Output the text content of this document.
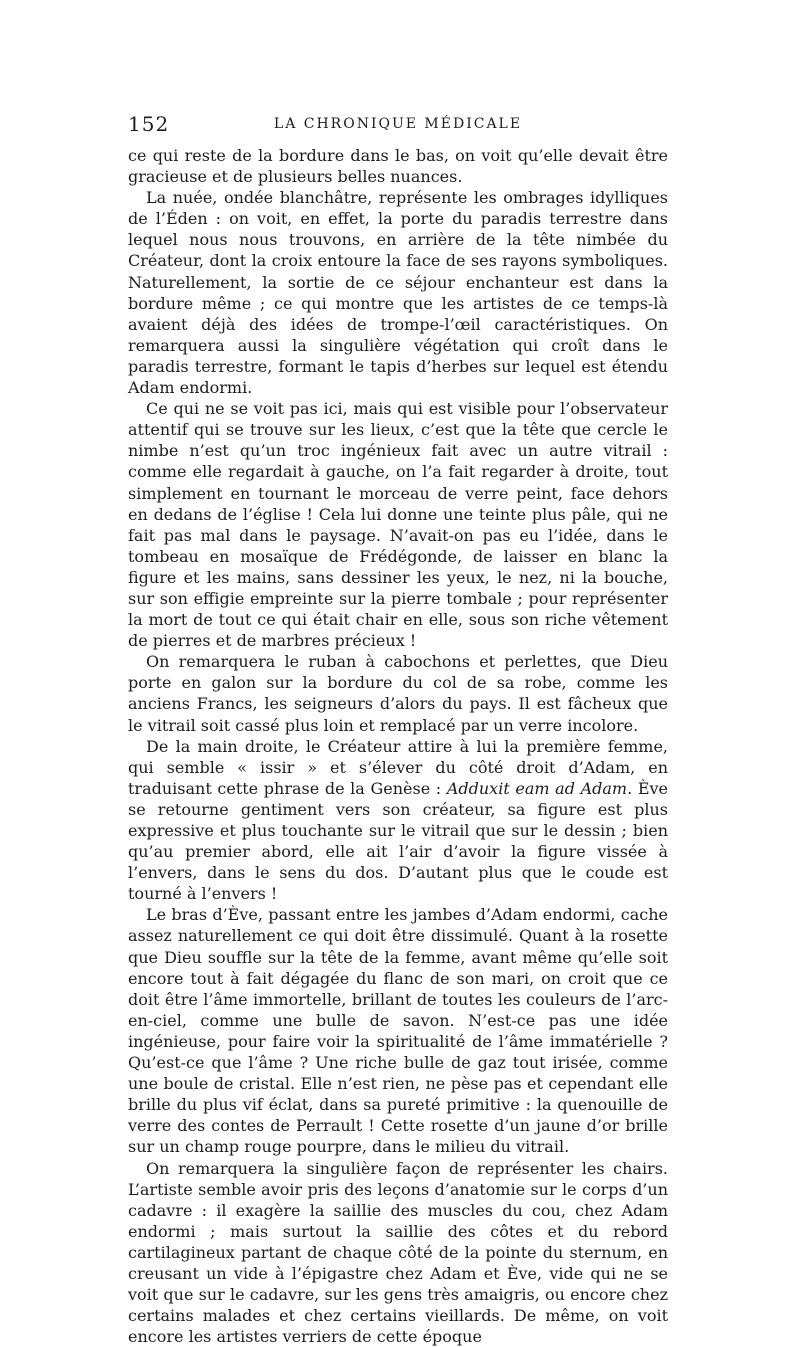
152	LA CHRONIQUE MÉDICALE

ce qui reste de la bordure dans le bas, on voit qu’elle devait être gracieuse et de plusieurs belles nuances.

La nuée, ondée blanchâtre, représente les ombrages idylliques de l’Éden : on voit, en effet, la porte du paradis terrestre dans lequel nous nous trouvons, en arrière de la tête nimbée du Créateur, dont la croix entoure la face de ses rayons symboliques. Naturellement, la sortie de ce séjour enchanteur est dans la bordure même ; ce qui montre que les artistes de ce temps-là avaient déjà des idées de trompe-l’œil caractéristiques. On remarquera aussi la singulière végétation qui croît dans le paradis terrestre, formant le tapis d’herbes sur lequel est étendu Adam endormi.

Ce qui ne se voit pas ici, mais qui est visible pour l’observateur attentif qui se trouve sur les lieux, c’est que la tête que cercle le nimbe n’est qu’un troc ingénieux fait avec un autre vitrail : comme elle regardait à gauche, on l’a fait regarder à droite, tout simplement en tournant le morceau de verre peint, face dehors en dedans de l’église ! Cela lui donne une teinte plus pâle, qui ne fait pas mal dans le paysage. N’avait-on pas eu l’idée, dans le tombeau en mosaïque de Frédégonde, de laisser en blanc la figure et les mains, sans dessiner les yeux, le nez, ni la bouche, sur son effigie empreinte sur la pierre tombale ; pour représenter la mort de tout ce qui était chair en elle, sous son riche vêtement de pierres et de marbres précieux !

On remarquera le ruban à cabochons et perlettes, que Dieu porte en galon sur la bordure du col de sa robe, comme les anciens Francs, les seigneurs d’alors du pays. Il est fâcheux que le vitrail soit cassé plus loin et remplacé par un verre incolore.

De la main droite, le Créateur attire à lui la première femme, qui semble « issir » et s’élever du côté droit d’Adam, en traduisant cette phrase de la Genèse : Adduxit eam ad Adam. Ève se retourne gentiment vers son créateur, sa figure est plus expressive et plus touchante sur le vitrail que sur le dessin ; bien qu’au premier abord, elle ait l’air d’avoir la figure vissée à l’envers, dans le sens du dos. D’autant plus que le coude est tourné à l’envers !

Le bras d’Ève, passant entre les jambes d’Adam endormi, cache assez naturellement ce qui doit être dissimulé. Quant à la rosette que Dieu souffle sur la tête de la femme, avant même qu’elle soit encore tout à fait dégagée du flanc de son mari, on croit que ce doit être l’âme immortelle, brillant de toutes les couleurs de l’arc-en-ciel, comme une bulle de savon. N’est-ce pas une idée ingénieuse, pour faire voir la spiritualité de l’âme immatérielle ? Qu’est-ce que l’âme ? Une riche bulle de gaz tout irisée, comme une boule de cristal. Elle n’est rien, ne pèse pas et cependant elle brille du plus vif éclat, dans sa pureté primitive : la quenouille de verre des contes de Perrault ! Cette rosette d’un jaune d’or brille sur un champ rouge pourpre, dans le milieu du vitrail.

On remarquera la singulière façon de représenter les chairs. L’artiste semble avoir pris des leçons d’anatomie sur le corps d’un cadavre : il exagère la saillie des muscles du cou, chez Adam endormi ; mais surtout la saillie des côtes et du rebord cartilagineux partant de chaque côté de la pointe du sternum, en creusant un vide à l’épigastre chez Adam et Ève, vide qui ne se voit que sur le cadavre, sur les gens très amaigris, ou encore chez certains malades et chez certains vieillards. De même, on voit encore les artistes verriers de cette époque
